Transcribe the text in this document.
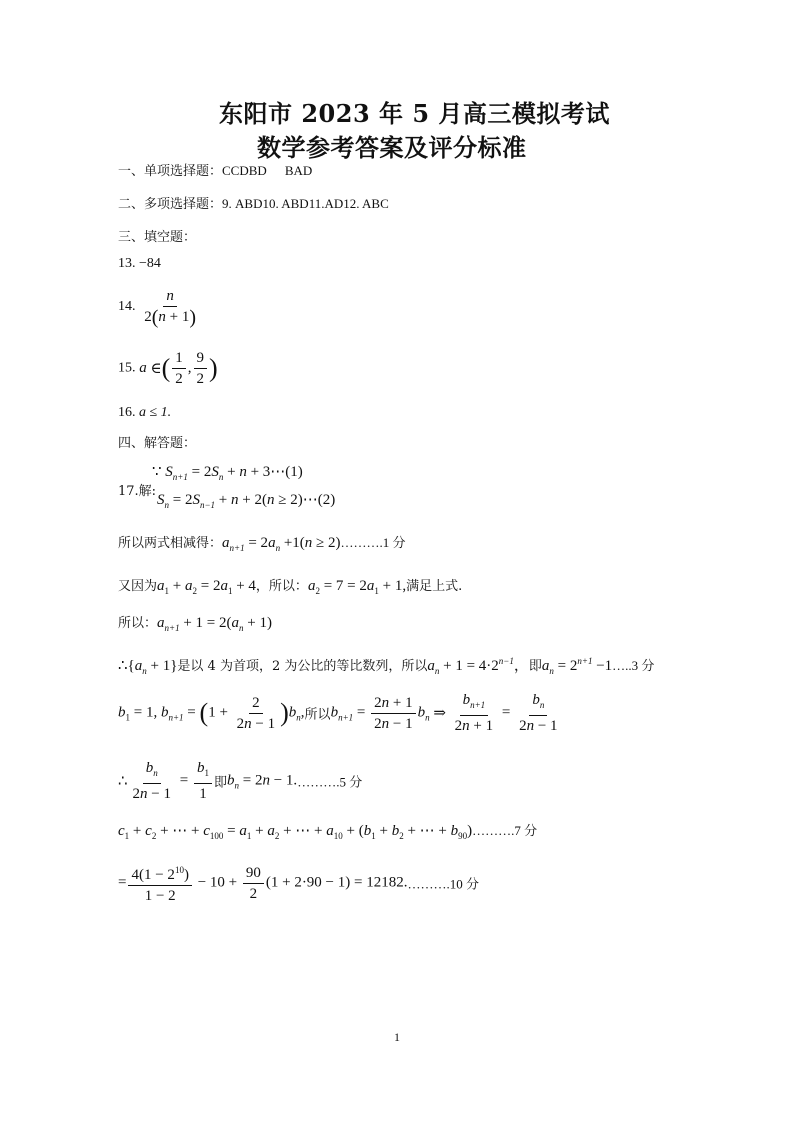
东阳市 2023 年 5 月高三模拟考试
数学参考答案及评分标准
一、单项选择题：CCDBD BAD
二、多项选择题：9. ABD10. ABD11.AD12. ABC
三、填空题：
13. −84
14. $\frac{n}{2(n + 1)}$
15. a ∈( $\frac{1}{2}$ , $\frac{9}{2}$ )
16. a ≤ 1.
四、解答题：
17.解:
∵ $S_{n+1} = 2S_n + n$ + 3⋯(1)
$S_n = 2S_{n-1} + n + 2(n$ ≥ 2)⋯(2)
所以两式相减得：$a_{n+1} = 2a_n +1(n$ ≥ 2)……….1 分
又因为$a_1 + a_2 = 2a_1 + 4$，所以：$a_2 = 7 = 2a_1 + 1$,满足上式.
所以：$a_{n+1} + 1 = 2(a_n + 1)$
$\therefore\{a_n + 1\}$是以 4 为首项，2 为公比的等比数列，所以$a_n + 1 = 4\cdot 2^{n-1}$，即$a_n = 2^{n+1}$ −1…..3 分
$b_1 = 1$, $b_{n+1} = (1 + \frac{2}{2n - 1} )b_n$,所以$b_{n+1} = \frac{2n + 1}{2n - 1} b_n$ ⇒ $\frac{b_{n+1}}{2n + 1} = \frac{b_n}{2n - 1}$
∴ $\frac{b_n}{2n - 1} = \frac{b_1}{1}$ 即$b_n = 2n$ − 1.……….5 分
$c_1 + c_2$ + ⋯ + $c_{100} = a_1 + a_2$ + ⋯ + $a_{10} + (b_1 + b_2$ + ⋯ + $b_{90})\dots\dots\dots.7$ 分
= $\frac{4(1 - 2^{10})}{1 - 2} - 10 + \frac{90}{2} (1 + 2\cdot 90 - 1)$ = 12182.……….10 分
1
